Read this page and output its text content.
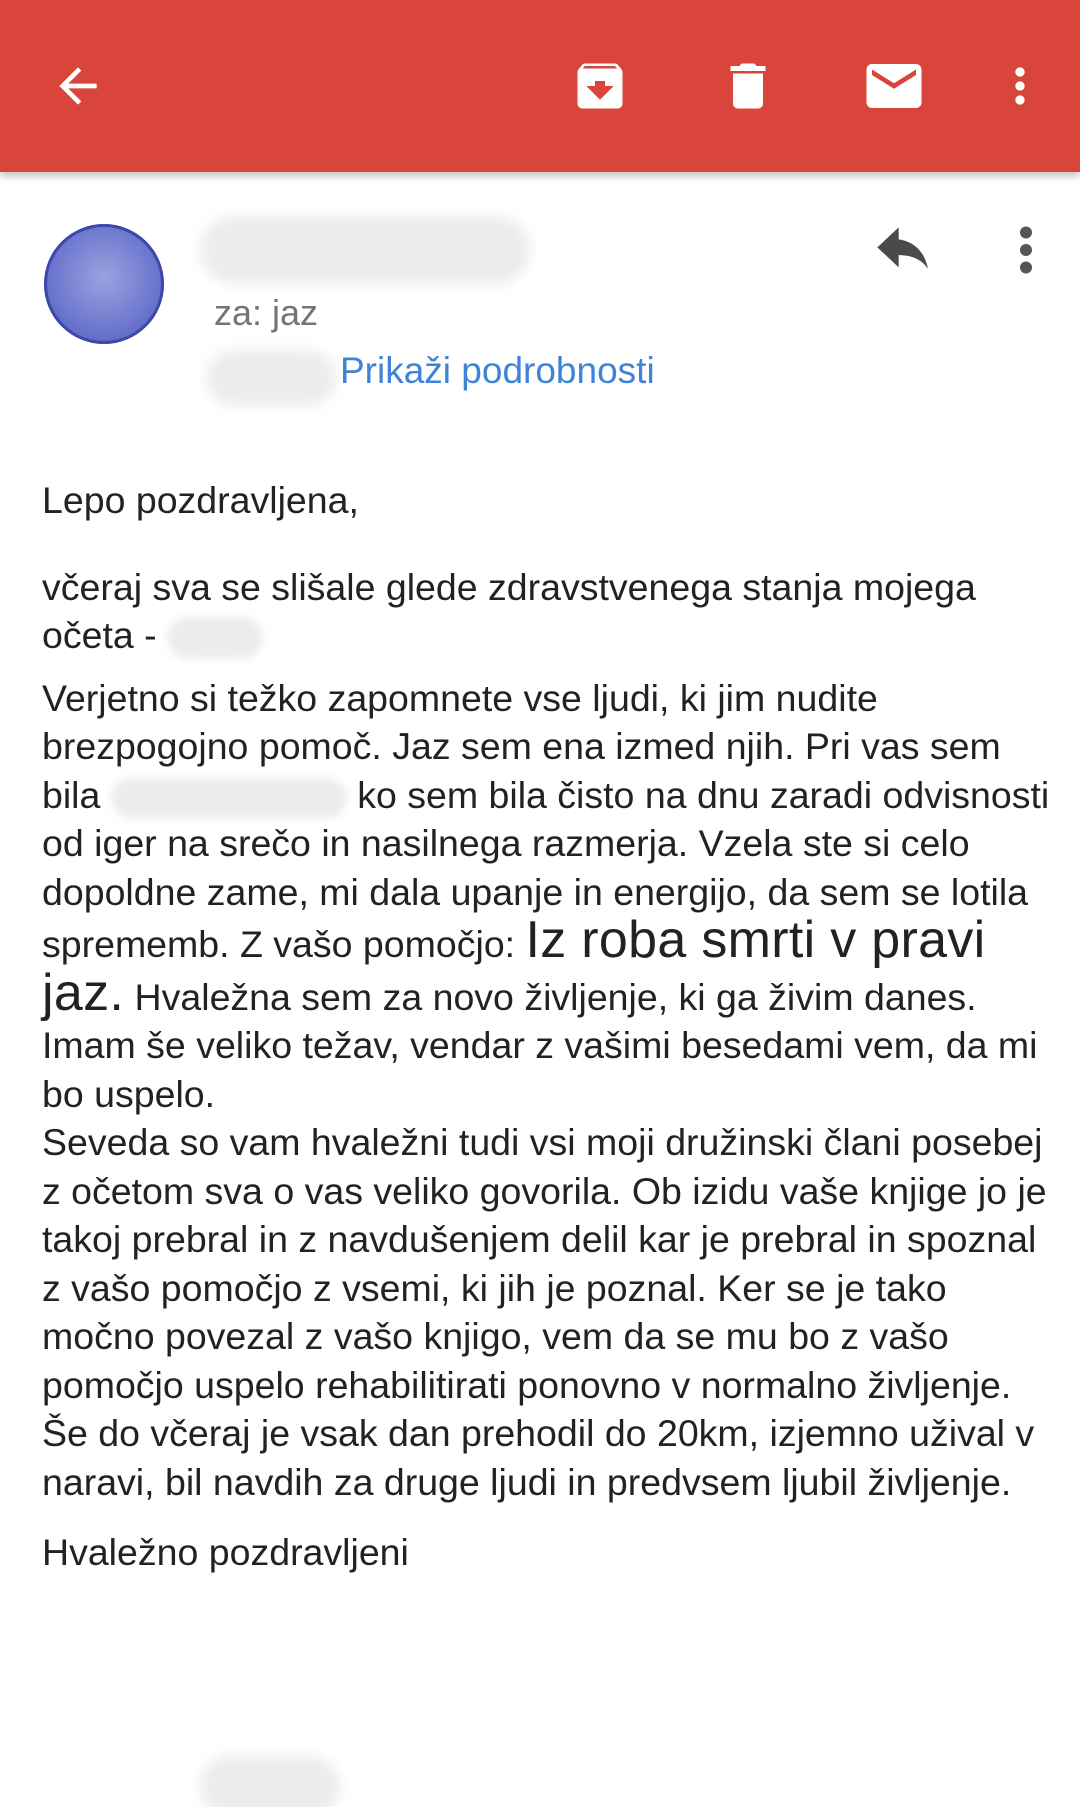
za: jaz
Prikaži podrobnosti

Lepo pozdravljena,

včeraj sva se slišale glede zdravstvenega stanja mojega očeta -

Verjetno si težko zapomnete vse ljudi, ki jim nudite brezpogojno pomoč. Jaz sem ena izmed njih. Pri vas sem bila	ko sem bila čisto na dnu zaradi odvisnosti od iger na srečo in nasilnega razmerja. Vzela ste si celo dopoldne zame, mi dala upanje in energijo, da sem se lotila sprememb. Z vašo pomočjo: Iz roba smrti v pravi jaz. Hvaležna sem za novo življenje, ki ga živim danes. Imam še veliko težav, vendar z vašimi besedami vem, da mi bo uspelo.

Seveda so vam hvaležni tudi vsi moji družinski člani posebej z očetom sva o vas veliko govorila. Ob izidu vaše knjige jo je takoj prebral in z navdušenjem delil kar je prebral in spoznal z vašo pomočjo z vsemi, ki jih je poznal. Ker se je tako močno povezal z vašo knjigo, vem da se mu bo z vašo pomočjo uspelo rehabilitirati ponovno v normalno življenje. Še do včeraj je vsak dan prehodil do 20km, izjemno užival v naravi, bil navdih za druge ljudi in predvsem ljubil življenje.

Hvaležno pozdravljeni
